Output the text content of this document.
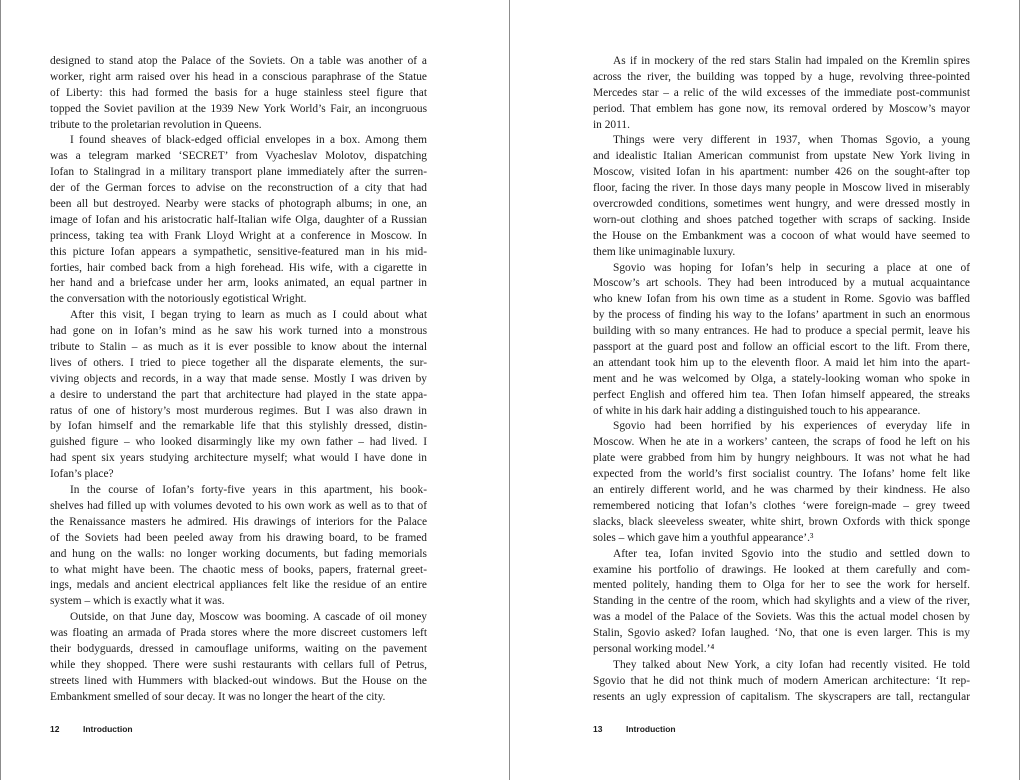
designed to stand atop the Palace of the Soviets. On a table was another of a
worker, right arm raised over his head in a conscious paraphrase of the Statue
of Liberty: this had formed the basis for a huge stainless steel figure that
topped the Soviet pavilion at the 1939 New York World’s Fair, an incongruous
tribute to the proletarian revolution in Queens.
I found sheaves of black-edged official envelopes in a box. Among them
was a telegram marked ‘SECRET’ from Vyacheslav Molotov, dispatching
Iofan to Stalingrad in a military transport plane immediately after the surren-
der of the German forces to advise on the reconstruction of a city that had
been all but destroyed. Nearby were stacks of photograph albums; in one, an
image of Iofan and his aristocratic half-Italian wife Olga, daughter of a Russian
princess, taking tea with Frank Lloyd Wright at a conference in Moscow. In
this picture Iofan appears a sympathetic, sensitive-featured man in his mid-
forties, hair combed back from a high forehead. His wife, with a cigarette in
her hand and a briefcase under her arm, looks animated, an equal partner in
the conversation with the notoriously egotistical Wright.
After this visit, I began trying to learn as much as I could about what
had gone on in Iofan’s mind as he saw his work turned into a monstrous
tribute to Stalin – as much as it is ever possible to know about the internal
lives of others. I tried to piece together all the disparate elements, the sur-
viving objects and records, in a way that made sense. Mostly I was driven by
a desire to understand the part that architecture had played in the state appa-
ratus of one of history’s most murderous regimes. But I was also drawn in
by Iofan himself and the remarkable life that this stylishly dressed, distin-
guished figure – who looked disarmingly like my own father – had lived. I
had spent six years studying architecture myself; what would I have done in
Iofan’s place?
In the course of Iofan’s forty-five years in this apartment, his book-
shelves had filled up with volumes devoted to his own work as well as to that of
the Renaissance masters he admired. His drawings of interiors for the Palace
of the Soviets had been peeled away from his drawing board, to be framed
and hung on the walls: no longer working documents, but fading memorials
to what might have been. The chaotic mess of books, papers, fraternal greet-
ings, medals and ancient electrical appliances felt like the residue of an entire
system – which is exactly what it was.
Outside, on that June day, Moscow was booming. A cascade of oil money
was floating an armada of Prada stores where the more discreet customers left
their bodyguards, dressed in camouflage uniforms, waiting on the pavement
while they shopped. There were sushi restaurants with cellars full of Petrus,
streets lined with Hummers with blacked-out windows. But the House on the
Embankment smelled of sour decay. It was no longer the heart of the city.
12	Introduction
As if in mockery of the red stars Stalin had impaled on the Kremlin spires
across the river, the building was topped by a huge, revolving three-pointed
Mercedes star – a relic of the wild excesses of the immediate post-communist
period. That emblem has gone now, its removal ordered by Moscow’s mayor
in 2011.
Things were very different in 1937, when Thomas Sgovio, a young
and idealistic Italian American communist from upstate New York living in
Moscow, visited Iofan in his apartment: number 426 on the sought-after top
floor, facing the river. In those days many people in Moscow lived in miserably
overcrowded conditions, sometimes went hungry, and were dressed mostly in
worn-out clothing and shoes patched together with scraps of sacking. Inside
the House on the Embankment was a cocoon of what would have seemed to
them like unimaginable luxury.
Sgovio was hoping for Iofan’s help in securing a place at one of
Moscow’s art schools. They had been introduced by a mutual acquaintance
who knew Iofan from his own time as a student in Rome. Sgovio was baffled
by the process of finding his way to the Iofans’ apartment in such an enormous
building with so many entrances. He had to produce a special permit, leave his
passport at the guard post and follow an official escort to the lift. From there,
an attendant took him up to the eleventh floor. A maid let him into the apart-
ment and he was welcomed by Olga, a stately-looking woman who spoke in
perfect English and offered him tea. Then Iofan himself appeared, the streaks
of white in his dark hair adding a distinguished touch to his appearance.
Sgovio had been horrified by his experiences of everyday life in
Moscow. When he ate in a workers’ canteen, the scraps of food he left on his
plate were grabbed from him by hungry neighbours. It was not what he had
expected from the world’s first socialist country. The Iofans’ home felt like
an entirely different world, and he was charmed by their kindness. He also
remembered noticing that Iofan’s clothes ‘were foreign-made – grey tweed
slacks, black sleeveless sweater, white shirt, brown Oxfords with thick sponge
soles – which gave him a youthful appearance’.³
After tea, Iofan invited Sgovio into the studio and settled down to
examine his portfolio of drawings. He looked at them carefully and com-
mented politely, handing them to Olga for her to see the work for herself.
Standing in the centre of the room, which had skylights and a view of the river,
was a model of the Palace of the Soviets. Was this the actual model chosen by
Stalin, Sgovio asked? Iofan laughed. ‘No, that one is even larger. This is my
personal working model.’⁴
They talked about New York, a city Iofan had recently visited. He told
Sgovio that he did not think much of modern American architecture: ‘It rep-
resents an ugly expression of capitalism. The skyscrapers are tall, rectangular
13	Introduction
